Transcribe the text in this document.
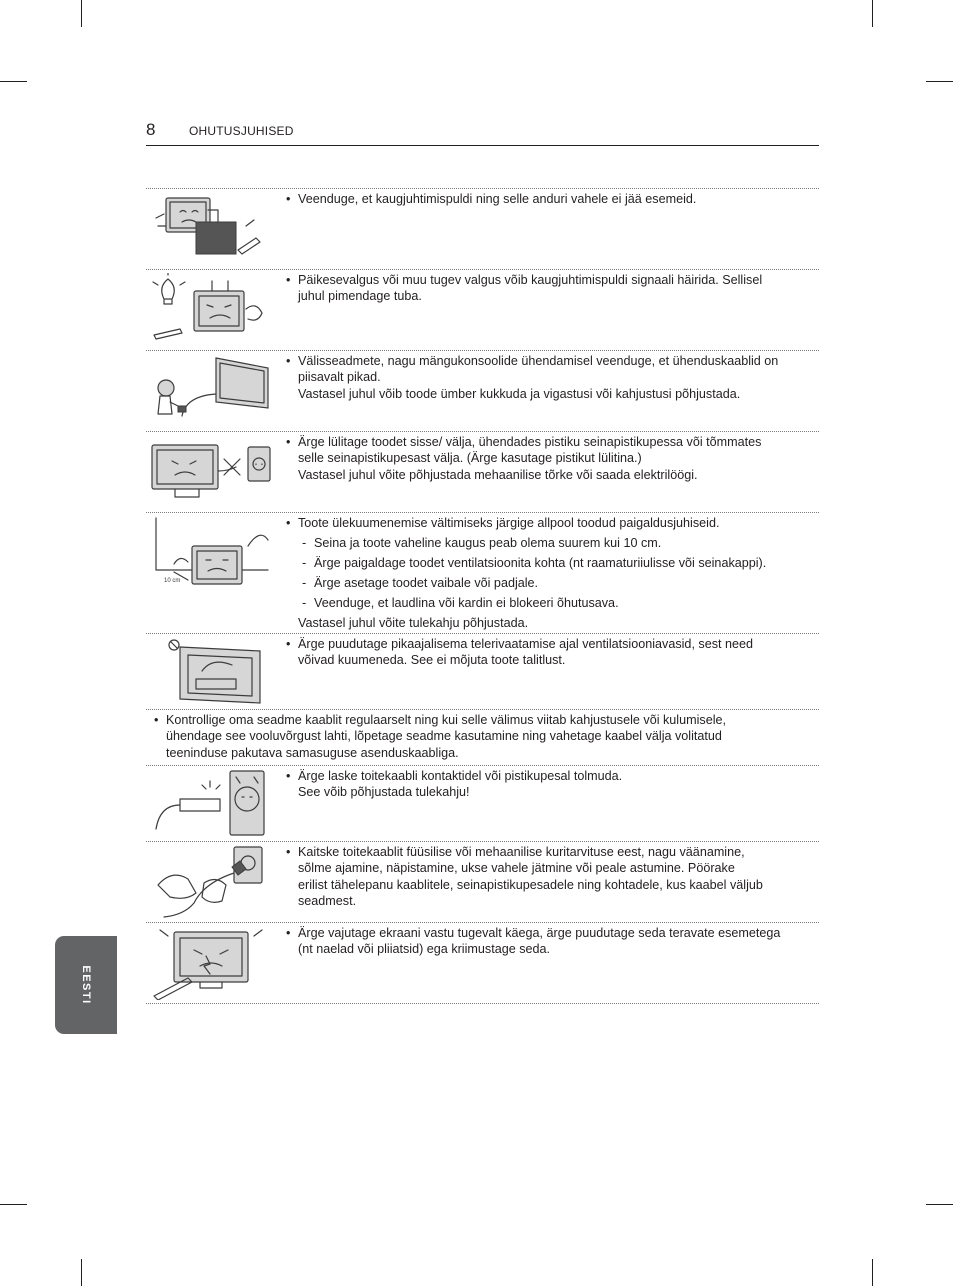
8	OHUTUSJUHISED
EESTI
• Veenduge, et kaugjuhtimispuldi ning selle anduri vahele ei jää esemeid.
• Päikesevalgus või muu tugev valgus võib kaugjuhtimispuldi signaali häirida. Sellisel
juhul pimendage tuba.
• Välisseadmete, nagu mängukonsoolide ühendamisel veenduge, et ühenduskaablid on
piisavalt pikad.
Vastasel juhul võib toode ümber kukkuda ja vigastusi või kahjustusi põhjustada.
• Ärge lülitage toodet sisse/ välja, ühendades pistiku seinapistikupessa või tõmmates
selle seinapistikupesast välja. (Ärge kasutage pistikut lülitina.)
Vastasel juhul võite põhjustada mehaanilise tõrke või saada elektrilöögi.
10 cm
• Toote ülekuumenemise vältimiseks järgige allpool toodud paigaldusjuhiseid.
- Seina ja toote vaheline kaugus peab olema suurem kui 10 cm.
- Ärge paigaldage toodet ventilatsioonita kohta (nt raamaturiiulisse või seinakappi).
- Ärge asetage toodet vaibale või padjale.
- Veenduge, et laudlina või kardin ei blokeeri õhutusava.
Vastasel juhul võite tulekahju põhjustada.
• Ärge puudutage pikaajalisema telerivaatamise ajal ventilatsiooniavasid, sest need
võivad kuumeneda. See ei mõjuta toote talitlust.
• Kontrollige oma seadme kaablit regulaarselt ning kui selle välimus viitab kahjustusele või kulumisele,
ühendage see vooluvõrgust lahti, lõpetage seadme kasutamine ning vahetage kaabel välja volitatud
teeninduse pakutava samasuguse asenduskaabliga.
• Ärge laske toitekaabli kontaktidel või pistikupesal tolmuda.
See võib põhjustada tulekahju!
• Kaitske toitekaablit füüsilise või mehaanilise kuritarvituse eest, nagu väänamine,
sõlme ajamine, näpistamine, ukse vahele jätmine või peale astumine. Pöörake
erilist tähelepanu kaablitele, seinapistikupesadele ning kohtadele, kus kaabel väljub
seadmest.
• Ärge vajutage ekraani vastu tugevalt käega, ärge puudutage seda teravate esemetega
(nt naelad või pliiatsid) ega kriimustage seda.
